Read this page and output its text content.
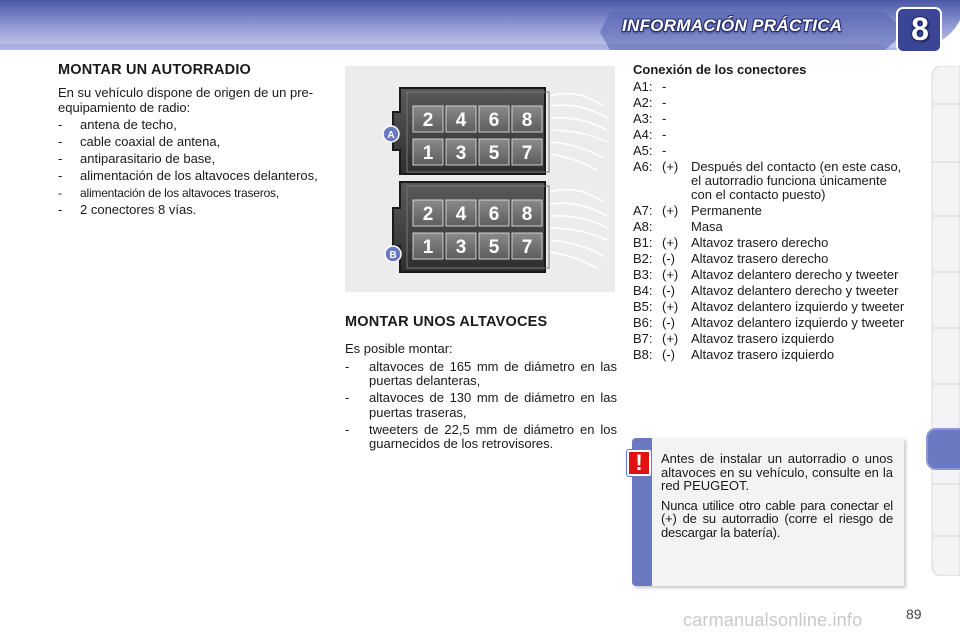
INFORMACIÓN PRÁCTICA 8
MONTAR UN AUTORRADIO
En su vehículo dispone de origen de un pre-equipamiento de radio:
- antena de techo,
- cable coaxial de antena,
- antiparasitario de base,
- alimentación de los altavoces delanteros,
- alimentación de los altavoces traseros,
- 2 conectores 8 vías.
2 4 6 8
1 3 5 7
2 4 6 8
1 3 5 7
A
B
MONTAR UNOS ALTAVOCES
Es posible montar:
- altavoces de 165 mm de diámetro en las puertas delanteras,
- altavoces de 130 mm de diámetro en las puertas traseras,
- tweeters de 22,5 mm de diámetro en los guarnecidos de los retrovisores.
Conexión de los conectores
A1: -
A2: -
A3: -
A4: -
A5: -
A6: (+) Después del contacto (en este caso, el autorradio funciona únicamente con el contacto puesto)
A7: (+) Permanente
A8:	Masa
B1: (+) Altavoz trasero derecho
B2: (-)	Altavoz trasero derecho
B3: (+) Altavoz delantero derecho y tweeter
B4: (-)	Altavoz delantero derecho y tweeter
B5: (+) Altavoz delantero izquierdo y tweeter
B6: (-)	Altavoz delantero izquierdo y tweeter
B7: (+) Altavoz trasero izquierdo
B8: (-)	Altavoz trasero izquierdo
!	Antes de instalar un autorradio o unos altavoces en su vehículo, consulte en la red PEUGEOT.

Nunca utilice otro cable para conectar el (+) de su autorradio (corre el riesgo de descargar la batería).

carmanualsonline.info	89
